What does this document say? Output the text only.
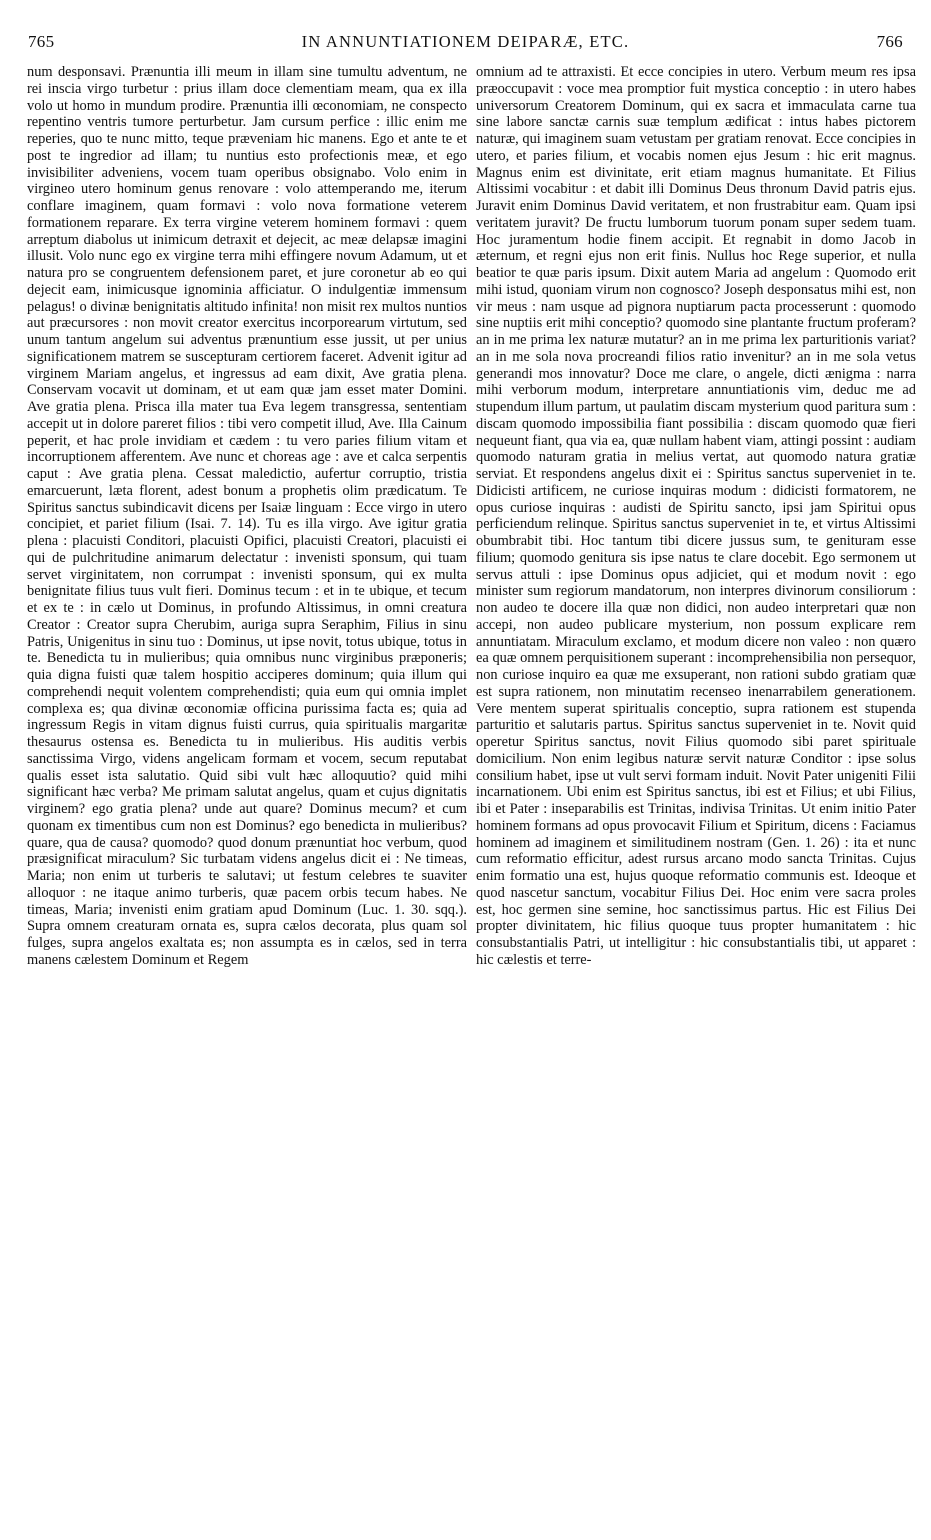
765	IN ANNUNTIATIONEM DEIPARÆ, ETC.	766

num desponsavi. Prænuntia illi meum in illam sine tumultu adventum, ne rei inscia virgo turbetur : prius illam doce clementiam meam, qua ex illa volo ut homo in mundum prodire. Prænuntia illi œconomiam, ne conspecto repentino ventris tumore perturbetur. Jam cursum perfice : illic enim me reperies, quo te nunc mitto, teque præveniam hic manens. Ego et ante te et post te ingredior ad illam; tu nuntius esto profectionis meæ, et ego invisibiliter adveniens, vocem tuam operibus obsignabo. Volo enim in virgineo utero hominum genus renovare : volo attemperando me, iterum conflare imaginem, quam formavi : volo nova formatione veterem formationem reparare. Ex terra virgine veterem hominem formavi : quem arreptum diabolus ut inimicum detraxit et dejecit, ac meæ delapsæ imagini illusit. Volo nunc ego ex virgine terra mihi effingere novum Adamum, ut et natura pro se congruentem defensionem paret, et jure coronetur ab eo qui dejecit eam, inimicusque ignominia afficiatur. O indulgentiæ immensum pelagus! o divinæ benignitatis altitudo infinita! non misit rex multos nuntios aut præcursores : non movit creator exercitus incorporearum virtutum, sed unum tantum angelum sui adventus prænuntium esse jussit, ut per unius significationem matrem se suscepturam certiorem faceret. Advenit igitur ad virginem Mariam angelus, et ingressus ad eam dixit, Ave gratia plena. Conservam vocavit ut dominam, et ut eam quæ jam esset mater Domini. Ave gratia plena. Prisca illa mater tua Eva legem transgressa, sententiam accepit ut in dolore pareret filios : tibi vero competit illud, Ave. Illa Cainum peperit, et hac prole invidiam et cædem : tu vero paries filium vitam et incorruptionem afferentem. Ave nunc et choreas age : ave et calca serpentis caput : Ave gratia plena. Cessat maledictio, aufertur corruptio, tristia emarcuerunt, læta florent, adest bonum a prophetis olim prædicatum. Te Spiritus sanctus subindicavit dicens per Isaiæ linguam : Ecce virgo in utero concipiet, et pariet filium (Isai. 7. 14). Tu es illa virgo. Ave igitur gratia plena : placuisti Conditori, placuisti Opifici, placuisti Creatori, placuisti ei qui de pulchritudine animarum delectatur : invenisti sponsum, qui tuam servet virginitatem, non corrumpat : invenisti sponsum, qui ex multa benignitate filius tuus vult fieri. Dominus tecum : et in te ubique, et tecum et ex te : in cælo ut Dominus, in profundo Altissimus, in omni creatura Creator : Creator supra Cherubim, auriga supra Seraphim, Filius in sinu Patris, Unigenitus in sinu tuo : Dominus, ut ipse novit, totus ubique, totus in te. Benedicta tu in mulieribus; quia omnibus nunc virginibus præponeris; quia digna fuisti quæ talem hospitio acciperes dominum; quia illum qui comprehendi nequit volentem comprehendisti; quia eum qui omnia implet complexa es; qua divinæ œconomiæ officina purissima facta es; quia ad ingressum Regis in vitam dignus fuisti currus, quia spiritualis margaritæ thesaurus ostensa es. Benedicta tu in mulieribus. His auditis verbis sanctissima Virgo, videns angelicam formam et vocem, secum reputabat qualis esset ista salutatio. Quid sibi vult hæc alloquutio? quid mihi significant hæc verba? Me primam salutat angelus, quam et cujus dignitatis virginem? ego gratia plena? unde aut quare? Dominus mecum? et cum quonam ex timentibus cum non est Dominus? ego benedicta in mulieribus? quare, qua de causa? quomodo? quod donum prænuntiat hoc verbum, quod præsignificat miraculum? Sic turbatam videns angelus dicit ei : Ne timeas, Maria; non enim ut turberis te salutavi; ut festum celebres te suaviter alloquor : ne itaque animo turberis, quæ pacem orbis tecum habes. Ne timeas, Maria; invenisti enim gratiam apud Dominum (Luc. 1. 30. sqq.). Supra omnem creaturam ornata es, supra cælos decorata, plus quam sol fulges, supra angelos exaltata es; non assumpta es in cælos, sed in terra manens cælestem Dominum et Regem

omnium ad te attraxisti. Et ecce concipies in utero. Verbum meum res ipsa præoccupavit : voce mea promptior fuit mystica conceptio : in utero habes universorum Creatorem Dominum, qui ex sacra et immaculata carne tua sine labore sanctæ carnis suæ templum ædificat : intus habes pictorem naturæ, qui imaginem suam vetustam per gratiam renovat. Ecce concipies in utero, et paries filium, et vocabis nomen ejus Jesum : hic erit magnus. Magnus enim est divinitate, erit etiam magnus humanitate. Et Filius Altissimi vocabitur : et dabit illi Dominus Deus thronum David patris ejus. Juravit enim Dominus David veritatem, et non frustrabitur eam. Quam ipsi veritatem juravit? De fructu lumborum tuorum ponam super sedem tuam. Hoc juramentum hodie finem accipit. Et regnabit in domo Jacob in æternum, et regni ejus non erit finis. Nullus hoc Rege superior, et nulla beatior te quæ paris ipsum. Dixit autem Maria ad angelum : Quomodo erit mihi istud, quoniam virum non cognosco? Joseph desponsatus mihi est, non vir meus : nam usque ad pignora nuptiarum pacta processerunt : quomodo sine nuptiis erit mihi conceptio? quomodo sine plantante fructum proferam? an in me prima lex naturæ mutatur? an in me prima lex parturitionis variat? an in me sola nova procreandi filios ratio invenitur? an in me sola vetus generandi mos innovatur? Doce me clare, o angele, dicti ænigma : narra mihi verborum modum, interpretare annuntiationis vim, deduc me ad stupendum illum partum, ut paulatim discam mysterium quod paritura sum : discam quomodo impossibilia fiant possibilia : discam quomodo quæ fieri nequeunt fiant, qua via ea, quæ nullam habent viam, attingi possint : audiam quomodo naturam gratia in melius vertat, aut quomodo natura gratiæ serviat. Et respondens angelus dixit ei : Spiritus sanctus superveniet in te. Didicisti artificem, ne curiose inquiras modum : didicisti formatorem, ne opus curiose inquiras : audisti de Spiritu sancto, ipsi jam Spiritui opus perficiendum relinque. Spiritus sanctus superveniet in te, et virtus Altissimi obumbrabit tibi. Hoc tantum tibi dicere jussus sum, te genituram esse filium; quomodo genitura sis ipse natus te clare docebit. Ego sermonem ut servus attuli : ipse Dominus opus adjiciet, qui et modum novit : ego minister sum regiorum mandatorum, non interpres divinorum consiliorum : non audeo te docere illa quæ non didici, non audeo interpretari quæ non accepi, non audeo publicare mysterium, non possum explicare rem annuntiatam. Miraculum exclamo, et modum dicere non valeo : non quæro ea quæ omnem perquisitionem superant : incomprehensibilia non persequor, non curiose inquiro ea quæ me exsuperant, non rationi subdo gratiam quæ est supra rationem, non minutatim recenseo inenarrabilem generationem. Vere mentem superat spiritualis conceptio, supra rationem est stupenda parturitio et salutaris partus. Spiritus sanctus superveniet in te. Novit quid operetur Spiritus sanctus, novit Filius quomodo sibi paret spirituale domicilium. Non enim legibus naturæ servit naturæ Conditor : ipse solus consilium habet, ipse ut vult servi formam induit. Novit Pater unigeniti Filii incarnationem. Ubi enim est Spiritus sanctus, ibi est et Filius; et ubi Filius, ibi et Pater : inseparabilis est Trinitas, indivisa Trinitas. Ut enim initio Pater hominem formans ad opus provocavit Filium et Spiritum, dicens : Faciamus hominem ad imaginem et similitudinem nostram (Gen. 1. 26) : ita et nunc cum reformatio efficitur, adest rursus arcano modo sancta Trinitas. Cujus enim formatio una est, hujus quoque reformatio communis est. Ideoque et quod nascetur sanctum, vocabitur Filius Dei. Hoc enim vere sacra proles est, hoc germen sine semine, hoc sanctissimus partus. Hic est Filius Dei propter divinitatem, hic filius quoque tuus propter humanitatem : hic consubstantialis Patri, ut intelligitur : hic consubstantialis tibi, ut apparet : hic cælestis et terre-
